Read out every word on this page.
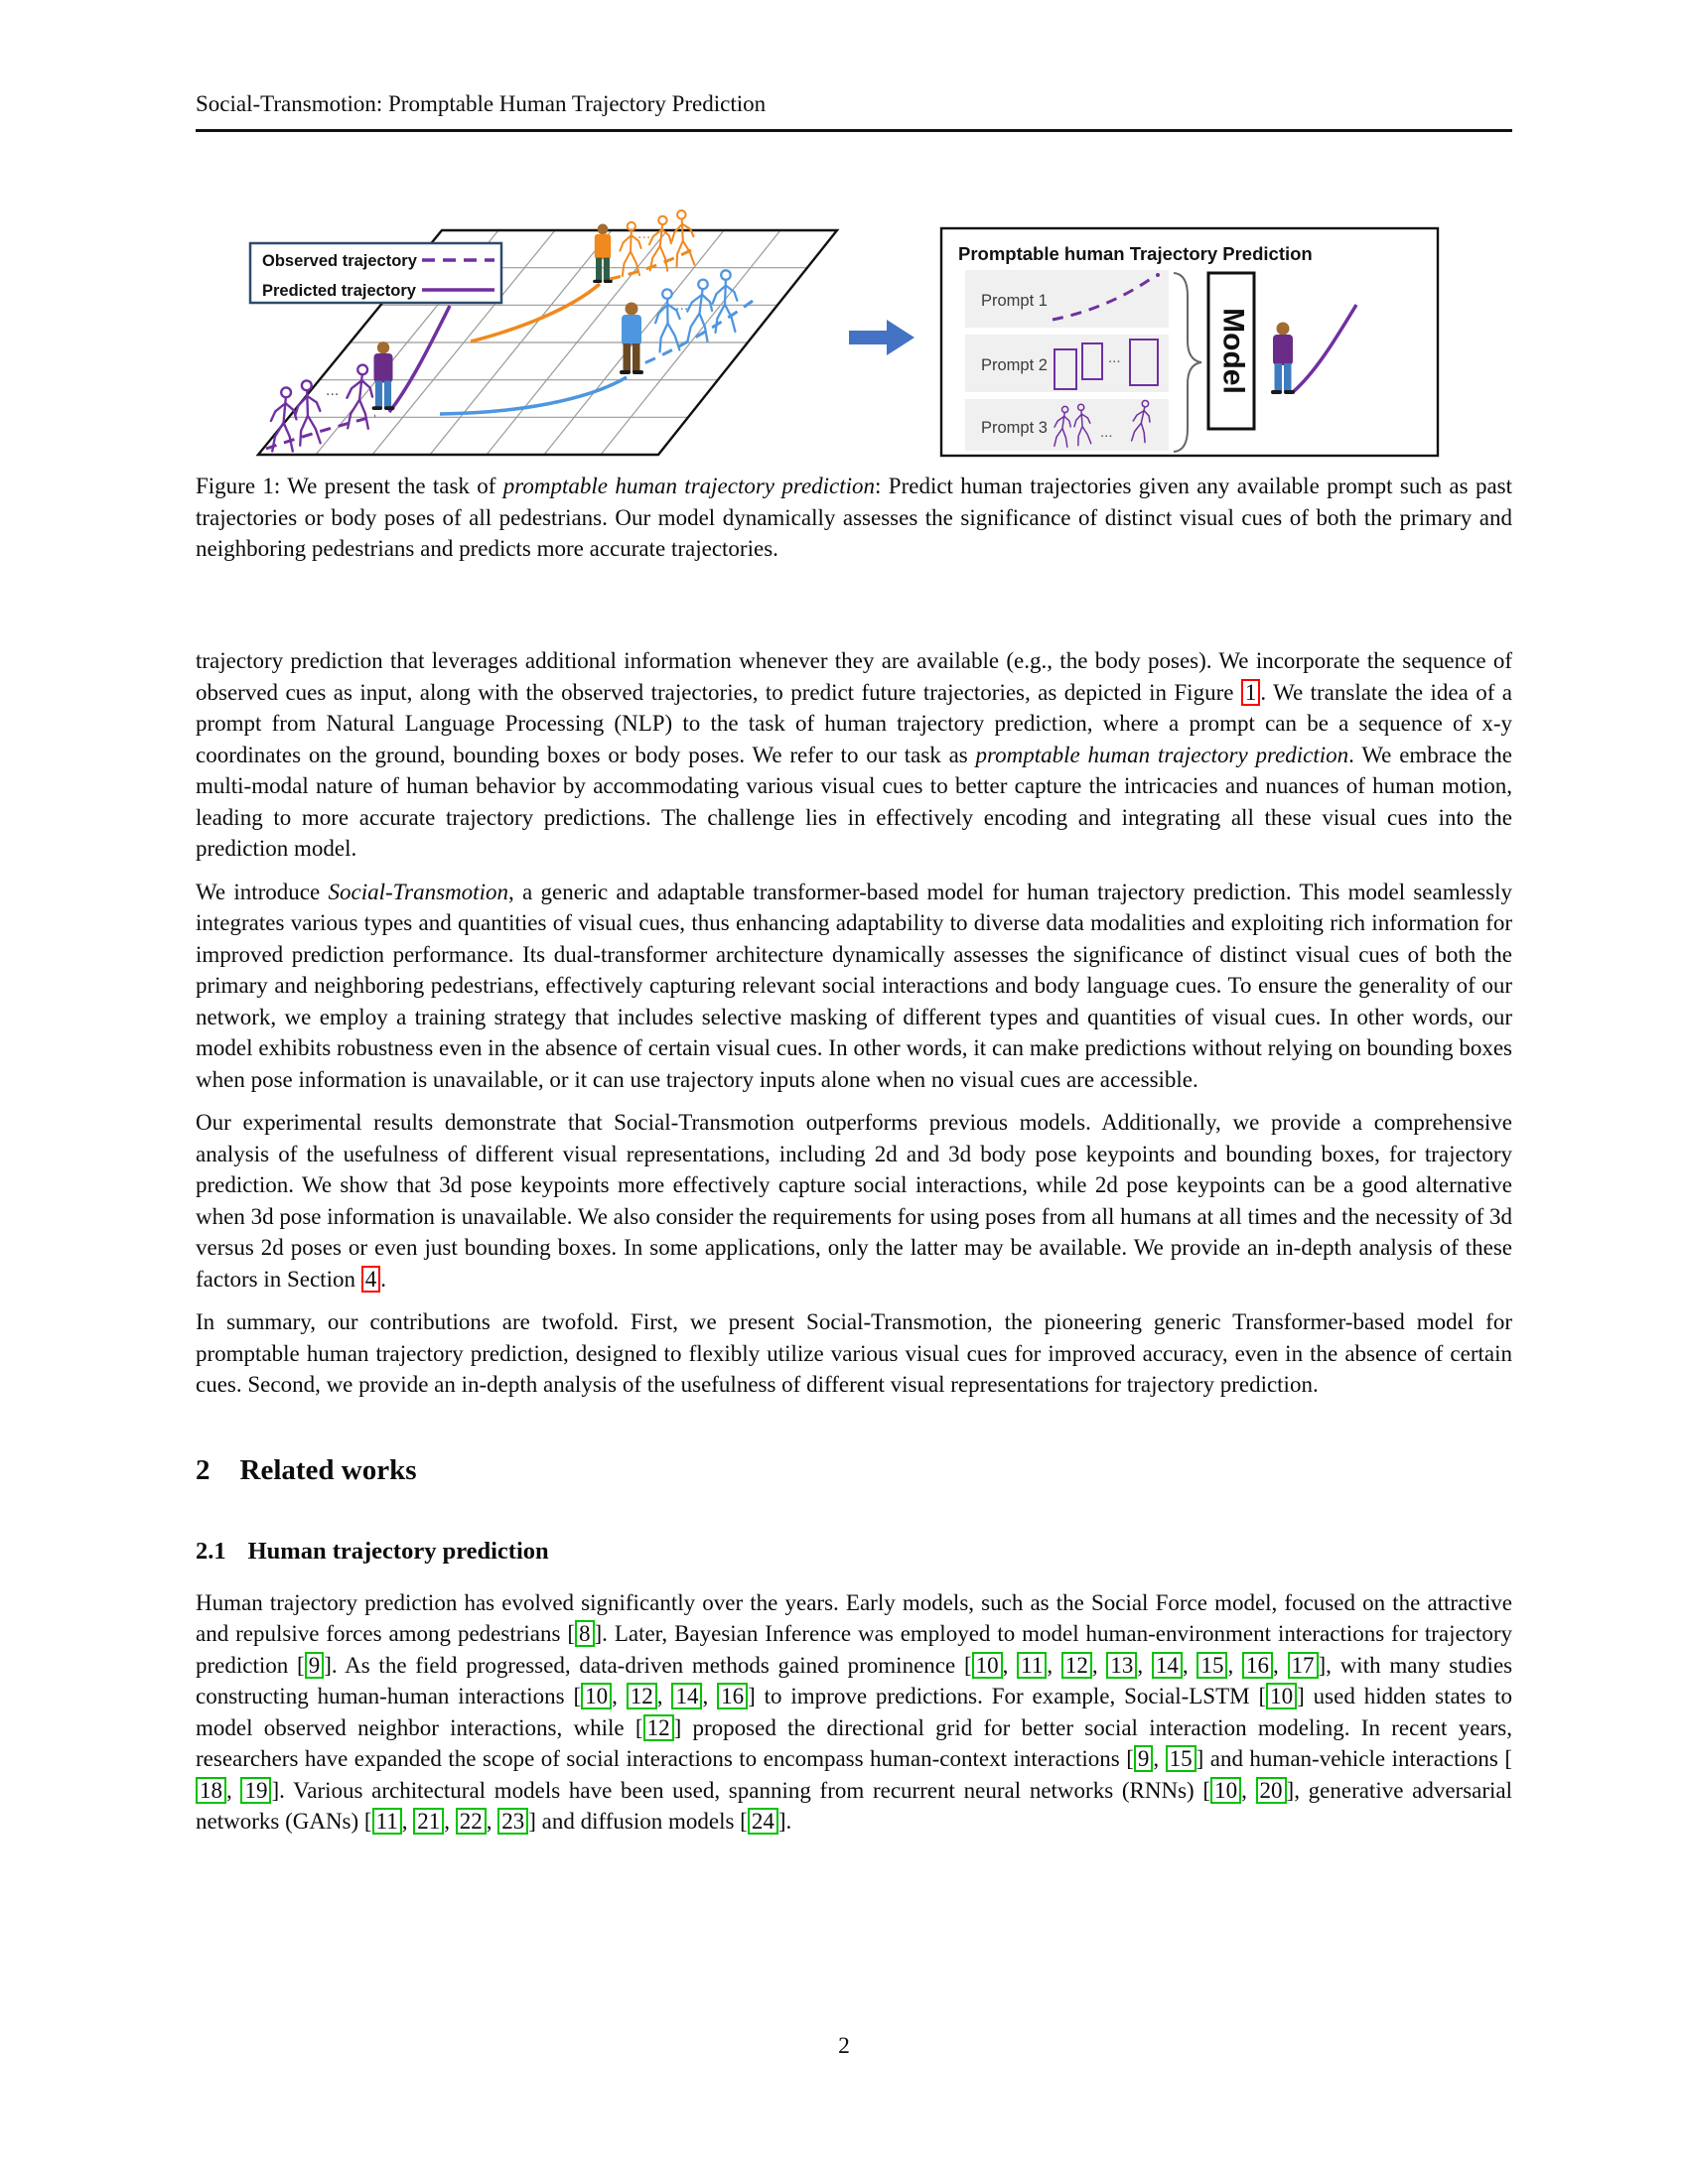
Social-Transmotion: Promptable Human Trajectory Prediction
...
...
...
Observed trajectory
Predicted trajectory
Promptable human Trajectory Prediction
Prompt 1
Prompt 2	...
Prompt 3	...
Model
Figure 1: We present the task of promptable human trajectory prediction: Predict human trajectories given any available prompt such as past trajectories or body poses of all pedestrians. Our model dynamically assesses the significance of distinct visual cues of both the primary and neighboring pedestrians and predicts more accurate trajectories.

trajectory prediction that leverages additional information whenever they are available (e.g., the body poses). We incorporate the sequence of observed cues as input, along with the observed trajectories, to predict future trajectories, as depicted in Figure 1 . We translate the idea of a prompt from Natural Language Processing (NLP) to the task of human trajectory prediction, where a prompt can be a sequence of x-y coordinates on the ground, bounding boxes or body poses. We refer to our task as promptable human trajectory prediction. We embrace the multi-modal nature of human behavior by accommodating various visual cues to better capture the intricacies and nuances of human motion, leading to more accurate trajectory predictions. The challenge lies in effectively encoding and integrating all these visual cues into the prediction model.

We introduce Social-Transmotion, a generic and adaptable transformer-based model for human trajectory prediction. This model seamlessly integrates various types and quantities of visual cues, thus enhancing adaptability to diverse data modalities and exploiting rich information for improved prediction performance. Its dual-transformer architecture dynamically assesses the significance of distinct visual cues of both the primary and neighboring pedestrians, effectively capturing relevant social interactions and body language cues. To ensure the generality of our network, we employ a training strategy that includes selective masking of different types and quantities of visual cues. In other words, our model exhibits robustness even in the absence of certain visual cues. In other words, it can make predictions without relying on bounding boxes when pose information is unavailable, or it can use trajectory inputs alone when no visual cues are accessible.

Our experimental results demonstrate that Social-Transmotion outperforms previous models. Additionally, we provide a comprehensive analysis of the usefulness of different visual representations, including 2d and 3d body pose keypoints and bounding boxes, for trajectory prediction. We show that 3d pose keypoints more effectively capture social interactions, while 2d pose keypoints can be a good alternative when 3d pose information is unavailable. We also consider the requirements for using poses from all humans at all times and the necessity of 3d versus 2d poses or even just bounding boxes. In some applications, only the latter may be available. We provide an in-depth analysis of these factors in Section 4 .

In summary, our contributions are twofold. First, we present Social-Transmotion, the pioneering generic Transformer-based model for promptable human trajectory prediction, designed to flexibly utilize various visual cues for improved accuracy, even in the absence of certain cues. Second, we provide an in-depth analysis of the usefulness of different visual representations for trajectory prediction.

2 Related works
2.1 Human trajectory prediction

Human trajectory prediction has evolved significantly over the years. Early models, such as the Social Force model, focused on the attractive and repulsive forces among pedestrians [ 8 ]. Later, Bayesian Inference was employed to model human-environment interactions for trajectory prediction [ 9 ]. As the field progressed, data-driven methods gained prominence [ 10 , 11 , 12 , 13 , 14 , 15 , 16 , 17 ], with many studies constructing human-human interactions [ 10 , 12 , 14 , 16 ] to improve predictions. For example, Social-LSTM [ 10 ] used hidden states to model observed neighbor interactions, while [ 12 ] proposed the directional grid for better social interaction modeling. In recent years, researchers have expanded the scope of social interactions to encompass human-context interactions [ 9 , 15 ] and human-vehicle interactions [18 , 19 ]. Various architectural models have been used, spanning from recurrent neural networks (RNNs) [ 10 , 20 ], generative adversarial networks (GANs) [ 11 , 21 , 22 , 23 ] and diffusion models [ 24 ].

2
